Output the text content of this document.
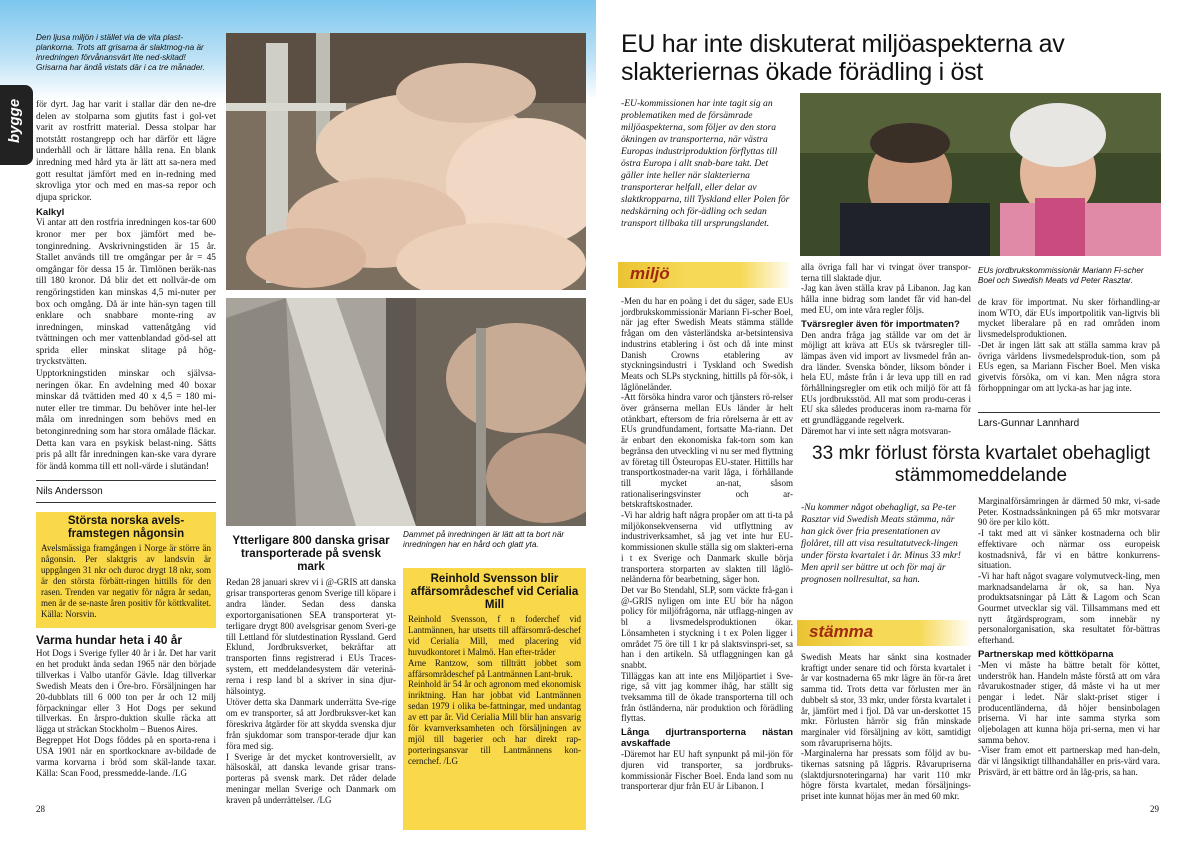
bygge
Den ljusa miljön i stället via de vita plast-plankorna. Trots att grisarna är slaktmog-na är inredningen förvånansvärt lite ned-skitad! Grisarna har ändå vistats där i ca tre månader.

för dyrt. Jag har varit i stallar där den ne-dre delen av stolparna som gjutits fast i gol-vet varit av rostfritt material. Dessa stolpar har motstått rostangrepp och har därför ett lägre underhåll och är lättare hålla rena. En blank inredning med hård yta är lätt att sa-nera med gott resultat jämfört med en in-redning med skrovliga ytor och med en mas-sa repor och djupa sprickor.

Kalkyl

Vi antar att den rostfria inredningen kos-tar 600 kronor mer per box jämfört med be-tonginredning. Avskrivningstiden är 15 år. Stallet används till tre omgångar per år = 45 omgångar för dessa 15 år. Timlönen beräk-nas till 180 kronor. Då blir det ett nollvär-de om rengöringstiden kan minskas 4,5 mi-nuter per box och omgång. Då är inte hän-syn tagen till enklare och snabbare monte-ring av inredningen, minskad vattenåtgång vid tvättningen och mer vattenblandad göd-sel att sprida eller minskat slitage på hög-tryckstvätten.

Upptorkningstiden minskar och självsa-neringen ökar. En avdelning med 40 boxar minskar då tvättiden med 40 x 4,5 = 180 mi-nuter eller tre timmar. Du behöver inte hel-ler måla om inredningen som behövs med en betonginredning som har stora omålade fläckar. Detta kan vara en psykisk belast-ning. Sätts pris på allt får inredningen kan-ske vara dyrare för ändå komma till ett noll-värde i slutändan!

Nils Andersson
Största norska avels-framstegen någonsin
Avelsmässiga framgången i Norge är större än någonsin. Per slaktgris av landsvin är uppgången 31 nkr och duroc drygt 18 nkr, som är den största förbätt-ringen hittills för den rasen. Trenden var negativ för några år sedan, men är de se-naste åren positiv för köttkvalitet. Källa: Norsvin.
Varma hundar heta i 40 år

Hot Dogs i Sverige fyller 40 år i år. Det har varit en het produkt ända sedan 1965 när den började tillverkas i Valbo utanför Gävle. Idag tillverkar Swedish Meats den i Öre-bro. Försäljningen har 20-dubblats till 6 000 ton per år och 12 milj förpackningar eller 3 Hot Dogs per sekund tillverkas. En årspro-duktion skulle räcka att lägga ut sträckan Stockholm – Buenos Aires.

Begreppet Hot Dogs föddes på en sporta-rena i USA 1901 när en sportkocknare av-bildade de varma korvarna i bröd som skäl-lande taxar. Källa: Scan Food, pressmedde-lande. /LG

28
Dammet på inredningen är lätt att ta bort när inredningen har en hård och glatt yta.
Ytterligare 800 danska grisar transporterade på svensk mark

Redan 28 januari skrev vi i @-GRIS att danska grisar transporteras genom Sverige till köpare i andra länder. Sedan dess danska exportorganisationen SEA transporterat yt-terligare drygt 800 avelsgrisar genom Sveri-ge till Lettland för slutdestination Ryssland. Gerd Eklund, Jordbruksverket, bekräftar att transporten finns registrerad i EUs Traces-system, ett meddelandesystem där veterinä-rerna i resp land bl a skriver in sina djur-hälsointyg.

Utöver detta ska Danmark underrätta Sve-rige om ev transporter, så att Jordbruksver-ket kan föreskriva åtgärder för att skydda svenska djur från sjukdomar som transpor-terade djur kan föra med sig.

I Sverige är det mycket kontroversiellt, av hälsoskäl, att danska levande grisar trans-porteras på svensk mark. Det råder delade meningar mellan Sverige och Danmark om kraven på underrättelser. /LG

Reinhold Svensson blir affärsområdeschef vid Cerialia Mill

Reinhold Svensson, f n foderchef vid Lantmännen, har utsetts till affärsområ-deschef vid Cerialia Mill, med placering vid huvudkontoret i Malmö. Han efter-träder

Arne Rantzow, som tillträtt jobbet som affärsområdeschef på Lantmännen Lant-bruk.

Reinhold är 54 år och agronom med ekonomisk inriktning. Han har jobbat vid Lantmännen sedan 1979 i olika be-fattningar, med undantag av ett par år. Vid Cerialia Mill blir han ansvarig för kvarnverksamheten och försäljningen av mjöl till bagerier och har direkt rap-porteringsansvar till Lantmännens kon-cernchef. /LG

EU har inte diskuterat miljöaspekterna av slakteriernas ökade förädling i öst
-EU-kommissionen har inte tagit sig an problematiken med de försämrade miljöaspekterna, som följer av den stora ökningen av transporterna, när västra Europas industriproduktion förflyttas till östra Europa i allt snab-bare takt. Det gäller inte heller när slakterierna transporterar helfall, eller delar av slaktkropparna, till Tyskland eller Polen för nedskärning och för-ädling och sedan transport tillbaka till ursprungslandet.
miljö

-Men du har en poäng i det du säger, sade EUs jordbrukskommissionär Mariann Fi-scher Boel, när jag efter Swedish Meats stämma ställde frågan om den västerländska ar-betsintensiva industrins etablering i öst och då inte minst Danish Crowns etablering av styckningsindustri i Tyskland och Swedish Meats och SLPs styckning, hittills på för-sök, i låglöneländer.

-Att försöka hindra varor och tjänsters rö-relser över gränserna mellan EUs länder är helt otänkbart, eftersom de fria rörelserna är ett av EUs grundfundament, fortsatte Ma-riann. Det är enbart den ekonomiska fak-torn som kan begränsa den utveckling vi nu ser med flyttning av företag till Östeuropas EU-stater. Hittills har transportkostnader-na varit låga, i förhållande till mycket an-nat, såsom rationaliseringsvinster och ar-betskraftskostnader.

-Vi har aldrig haft några propåer om att ti-ta på miljökonsekvenserna vid utflyttning av industriverksamhet, så jag vet inte hur EU-kommissionen skulle ställa sig om slakteri-erna i t ex Sverige och Danmark skulle börja transportera storparten av slakten till låglö-neländerna för bearbetning, säger hon.

Det var Bo Stendahl, SLP, som väckte frå-gan i @-GRIS nyligen om inte EU bör ha någon policy för miljöfrågorna, när utflagg-ningen av bl a livsmedelsproduktionen ökar. Lönsamheten i styckning i t ex Polen ligger i området 75 öre till 1 kr på slaktsvinspri-set, sa han i den artikeln. Så utflaggningen kan gå snabbt.

Tilläggas kan att inte ens Miljöpartiet i Sve-rige, så vitt jag kommer ihåg, har ställt sig tveksamma till de ökade transporterna till och från östländerna, när produktion och förädling flyttas.

Långa djurtransporterna nästan avskaffade

-Däremot har EU haft synpunkt på mil-jön för djuren vid transporter, sa jordbruks-kommissionär Fischer Boel. Enda land som nu transporterar djur från EU är Libanon. I

EUs jordbrukskommissionär Mariann Fi-scher Boel och Swedish Meats vd Peter Rasztar.

alla övriga fall har vi tvingat över transpor-terna till slaktade djur.

-Jag kan även ställa krav på Libanon. Jag kan hålla inne bidrag som landet får vid han-del med EU, om inte våra regler följs.

Tvärsregler även för importmaten?

Den andra fråga jag ställde var om det är möjligt att kräva att EUs sk tvärsregler till-lämpas även vid import av livsmedel från an-dra länder. Svenska bönder, liksom bönder i hela EU, måste från i år leva upp till en rad förhållningsregler om etik och miljö för att få EUs jordbruksstöd. All mat som produ-ceras i EU ska således produceras inom ra-marna för ett grundläggande regelverk.

Däremot har vi inte sett några motsvaran-

de krav för importmat. Nu sker förhandling-ar inom WTO, där EUs importpolitik van-ligtvis bli mycket liberalare på en rad områden inom livsmedelsproduktionen.

-Det är ingen lätt sak att ställa samma krav på övriga världens livsmedelsproduk-tion, som på EUs egen, sa Mariann Fischer Boel. Men viska givetvis försöka, om vi kan. Men några stora förhoppningar om att lycka-as har jag inte.

Lars-Gunnar Lannhard
33 mkr förlust första kvartalet obehagligt stämmomeddelande
-Nu kommer något obehagligt, sa Pe-ter Rasztar vid Swedish Meats stämma, när han gick över fria presentationen av fjolåret, till att visa resultatutveck-lingen under första kvartalet i år. Minus 33 mkr! Men april ser bättre ut och för maj är prognosen nollresultat, sa han.
stämma

Swedish Meats har sänkt sina kostnader kraftigt under senare tid och första kvartalet i år var kostnaderna 65 mkr lägre än för-ra året samma tid. Trots detta var förlusten mer än dubbelt så stor, 33 mkr, under första kvartalet i år, jämfört med i fjol. Då var un-derskottet 15 mkr. Förlusten härrör sig från minskade marginaler vid försäljning av kött, samtidigt som råvarupriserna höjts.

-Marginalerna har pressats som följd av bu-tikernas satsning på lågpris. Råvarupriserna (slaktdjursnoteringarna) har varit 110 mkr högre första kvartalet, medan försäljnings-priset inte kunnat höjas mer än med 60 mkr.

Marginalförsämringen är därmed 50 mkr, vi-sade Peter. Kostnadssänkningen på 65 mkr motsvarar 90 öre per kilo kött.

-I takt med att vi sänker kostnaderna och blir effektivare och närmar oss europeisk kostnadsnivå, får vi en bättre konkurrens-situation.

-Vi har haft något svagare volymutveck-ling, men marknadsandelarna är ok, sa han. Nya produktsatsningar på Lätt & Lagom och Scan Gourmet utvecklar sig väl. Tillsammans med ett nytt åtgärdsprogram, som innebär ny personalorganisation, ska resultatet för-bättras efterhand.

Partnerskap med köttköparna

-Men vi måste ha bättre betalt för köttet, underströk han. Handeln måste förstå att om våra råvarukostnader stiger, då måste vi ha ut mer pengar i ledet. När slakt-priset stiger i producentländerna, då höjer bensinbolagen priserna. Vi har inte samma styrka som oljebolagen att kunna höja pri-serna, men vi har samma behov.

-Viser fram emot ett partnerskap med han-deln, där vi långsiktigt tillhandahåller en pris-värd vara. Prisvärd, är ett bättre ord än låg-pris, sa han.

29
